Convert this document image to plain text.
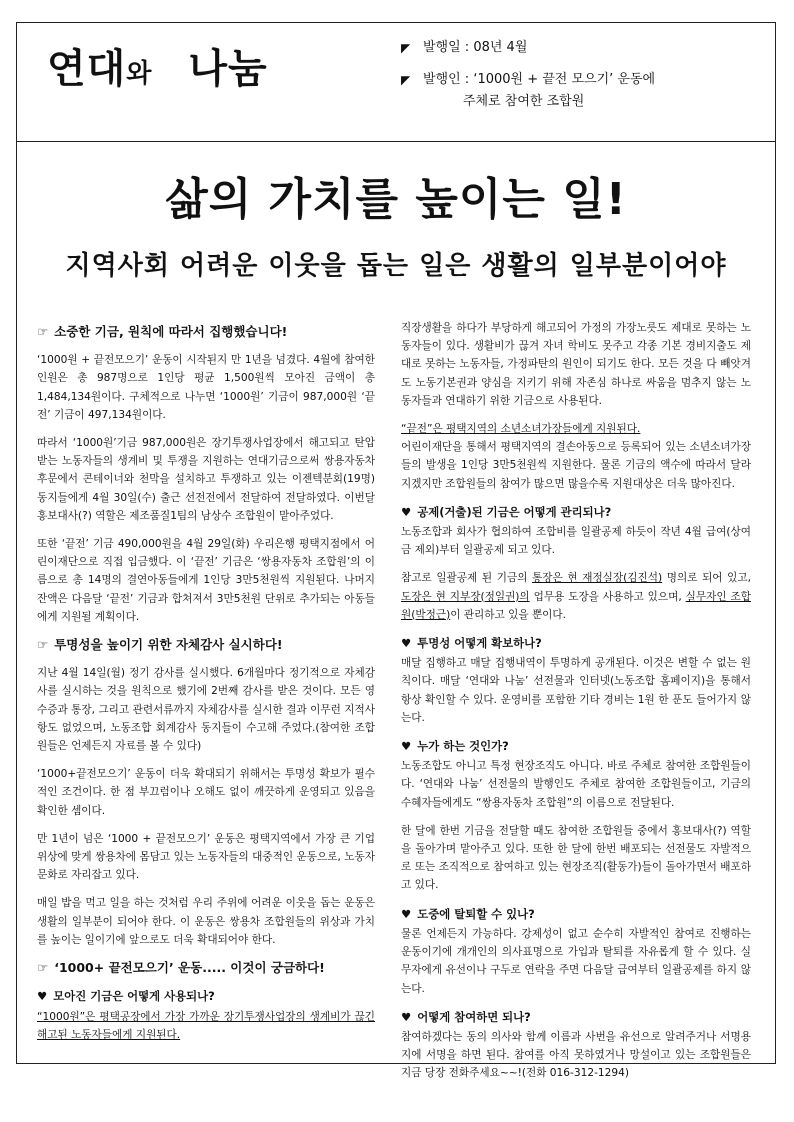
연대와 나눔	◤ 발행일 : 08년 4월
◤ 발행인 : ‘1000원 + 끝전 모으기’ 운동에
주체로 참여한 조합원
삶의 가치를 높이는 일!
지역사회 어려운 이웃을 돕는 일은 생활의 일부분이어야
☞ 소중한 기금, 원칙에 따라서 집행했습니다!

‘1000원 + 끝전모으기’ 운동이 시작된지 만 1년을 넘겼다. 4월에 참여한 인원은 총 987명으로 1인당 평균 1,500원씩 모아진 금액이 총 1,484,134원이다. 구체적으로 나누면 ‘1000원’ 기금이 987,000원 ‘끝전’ 기금이 497,134원이다.

따라서 ‘1000원’기금 987,000원은 장기투쟁사업장에서 해고되고 탄압받는 노동자들의 생계비 및 투쟁을 지원하는 연대기금으로써 쌍용자동차 후문에서 콘테이너와 천막을 설치하고 투쟁하고 있는 이젠텍분회(19명) 동지들에게 4월 30일(수) 출근 선전전에서 전달하여 전달하였다. 이번달 홍보대사(?) 역할은 제조품질1팀의 남상수 조합원이 맡아주었다.

또한 ‘끝전’ 기금 490,000원을 4월 29일(화) 우리은행 평택지점에서 어린이재단으로 직접 입금했다. 이 ‘끝전’ 기금은 ‘쌍용자동차 조합원’의 이름으로 총 14명의 결연아동들에게 1인당 3만5천원씩 지원된다. 나머지 잔액은 다음달 ‘끝전’ 기금과 합쳐져서 3만5천원 단위로 추가되는 아동들에게 지원될 계획이다.

☞ 투명성을 높이기 위한 자체감사 실시하다!

지난 4월 14일(월) 정기 감사를 실시했다. 6개월마다 정기적으로 자체감사를 실시하는 것을 원칙으로 했기에 2번째 감사를 받은 것이다. 모든 영수증과 통장, 그리고 관련서류까지 자체감사를 실시한 결과 이무런 지적사항도 없었으며, 노동조합 회계감사 동지들이 수고해 주었다.(참여한 조합원들은 언제든지 자료를 볼 수 있다)

‘1000+끝전모으기’ 운동이 더욱 확대되기 위해서는 투명성 확보가 필수적인 조건이다. 한 점 부끄럼이나 오해도 없이 깨끗하게 운영되고 있음을 확인한 셈이다.

만 1년이 넘은 ‘1000 + 끝전모으기’ 운동은 평택지역에서 가장 큰 기업 위상에 맞게 쌍용차에 몸담고 있는 노동자들의 대중적인 운동으로, 노동자 문화로 자리잡고 있다.

매일 밥을 먹고 일을 하는 것처럼 우리 주위에 어려운 이웃을 돕는 운동은 생활의 일부분이 되어야 한다. 이 운동은 쌍용차 조합원들의 위상과 가치를 높이는 일이기에 앞으로도 더욱 확대되어야 한다.

☞ ‘1000+ 끝전모으기’ 운동..... 이것이 궁금하다!
♥ 모아진 기금은 어떻게 사용되나?

“1000원”은 평택공장에서 가장 가까운 장기투쟁사업장의 생계비가 끊긴 해고된 노동자들에게 지원된다.

직장생활을 하다가 부당하게 해고되어 가정의 가장노릇도 제대로 못하는 노동자들이 있다. 생활비가 끊겨 자녀 학비도 못주고 각종 기본 경비지출도 제대로 못하는 노동자들, 가정파탄의 원인이 되기도 한다. 모든 것을 다 빼앗겨도 노동기본권과 양심을 지키기 위해 자존심 하나로 싸움을 멈추지 않는 노동자들과 연대하기 위한 기금으로 사용된다.

“끝전”은 평택지역의 소년소녀가장들에게 지원된다.
어린이재단을 통해서 평택지역의 결손아동으로 등록되어 있는 소년소녀가장들의 발생을 1인당 3만5천원씩 지원한다. 물론 기금의 액수에 따라서 달라지겠지만 조합원들의 참여가 많으면 많을수록 지원대상은 더욱 많아진다.

♥ 공제(거출)된 기금은 어떻게 관리되나?

노동조합과 회사가 협의하여 조합비를 일괄공제 하듯이 작년 4월 급여(상여금 제외)부터 일괄공제 되고 있다.

참고로 일괄공제 된 기금의 통장은 현 재정실장(김진석) 명의로 되어 있고, 도장은 현 지부장(정일권)의 업무용 도장을 사용하고 있으며, 실무자인 조합원(박정근)이 관리하고 있을 뿐이다.

♥ 투명성 어떻게 확보하나?

매달 집행하고 매달 집행내역이 투명하게 공개된다. 이것은 변할 수 없는 원칙이다. 매달 ‘연대와 나눔’ 선전물과 인터넷(노동조합 홈페이지)을 통해서 항상 확인할 수 있다. 운영비를 포함한 기타 경비는 1원 한 푼도 들어가지 않는다.

♥ 누가 하는 것인가?

노동조합도 아니고 특정 현장조직도 아니다. 바로 주체로 참여한 조합원들이다. ‘연대와 나눔’ 선전물의 발행인도 주체로 참여한 조합원들이고, 기금의 수혜자들에게도 “쌍용자동차 조합원”의 이름으로 전달된다.

한 달에 한번 기금을 전달할 때도 참여한 조합원들 중에서 홍보대사(?) 역할을 돌아가며 맡아주고 있다. 또한 한 달에 한번 배포되는 선전물도 자발적으로 또는 조직적으로 참여하고 있는 현장조직(활동가)들이 돌아가면서 배포하고 있다.

♥ 도중에 탈퇴할 수 있나?

물론 언제든지 가능하다. 강제성이 없고 순수히 자발적인 참여로 진행하는 운동이기에 개개인의 의사표명으로 가입과 탈퇴를 자유롭게 할 수 있다. 실무자에게 유선이나 구두로 연락을 주면 다음달 급여부터 일괄공제를 하지 않는다.

♥ 어떻게 참여하면 되나?

참여하겠다는 동의 의사와 함께 이름과 사번을 유선으로 알려주거나 서명용지에 서명을 하면 된다. 참여를 아직 못하였거나 망설이고 있는 조합원들은 지금 당장 전화주세요~~!(전화 016-312-1294)
